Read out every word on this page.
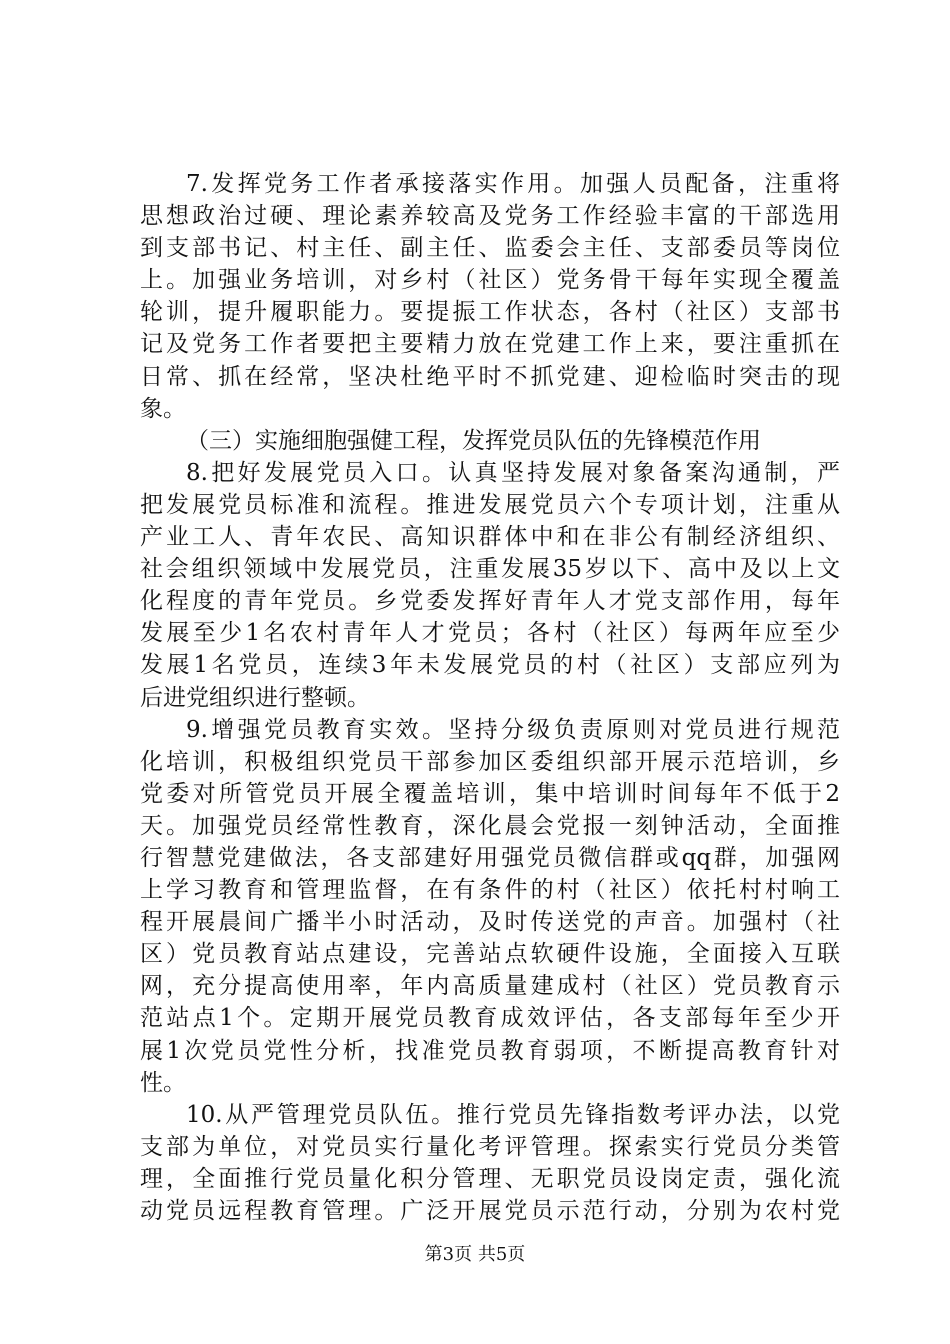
7.发挥党务工作者承接落实作用。加强人员配备，注重将
思想政治过硬、理论素养较高及党务工作经验丰富的干部选用
到支部书记、村主任、副主任、监委会主任、支部委员等岗位
上。加强业务培训，对乡村（社区）党务骨干每年实现全覆盖
轮训，提升履职能力。要提振工作状态，各村（社区）支部书
记及党务工作者要把主要精力放在党建工作上来，要注重抓在
日常、抓在经常，坚决杜绝平时不抓党建、迎检临时突击的现
象。
（三）实施细胞强健工程，发挥党员队伍的先锋模范作用
8.把好发展党员入口。认真坚持发展对象备案沟通制，严
把发展党员标准和流程。推进发展党员六个专项计划，注重从
产业工人、青年农民、高知识群体中和在非公有制经济组织、
社会组织领域中发展党员，注重发展35岁以下、高中及以上文
化程度的青年党员。乡党委发挥好青年人才党支部作用，每年
发展至少1名农村青年人才党员；各村（社区）每两年应至少
发展1名党员，连续3年未发展党员的村（社区）支部应列为
后进党组织进行整顿。
9.增强党员教育实效。坚持分级负责原则对党员进行规范
化培训，积极组织党员干部参加区委组织部开展示范培训，乡
党委对所管党员开展全覆盖培训，集中培训时间每年不低于2
天。加强党员经常性教育，深化晨会党报一刻钟活动，全面推
行智慧党建做法，各支部建好用强党员微信群或qq群，加强网
上学习教育和管理监督，在有条件的村（社区）依托村村响工
程开展晨间广播半小时活动，及时传送党的声音。加强村（社
区）党员教育站点建设，完善站点软硬件设施，全面接入互联
网，充分提高使用率，年内高质量建成村（社区）党员教育示
范站点1个。定期开展党员教育成效评估，各支部每年至少开
展1次党员党性分析，找准党员教育弱项，不断提高教育针对
性。
10.从严管理党员队伍。推行党员先锋指数考评办法，以党
支部为单位，对党员实行量化考评管理。探索实行党员分类管
理，全面推行党员量化积分管理、无职党员设岗定责，强化流
动党员远程教育管理。广泛开展党员示范行动，分别为农村党
第3页 共5页
